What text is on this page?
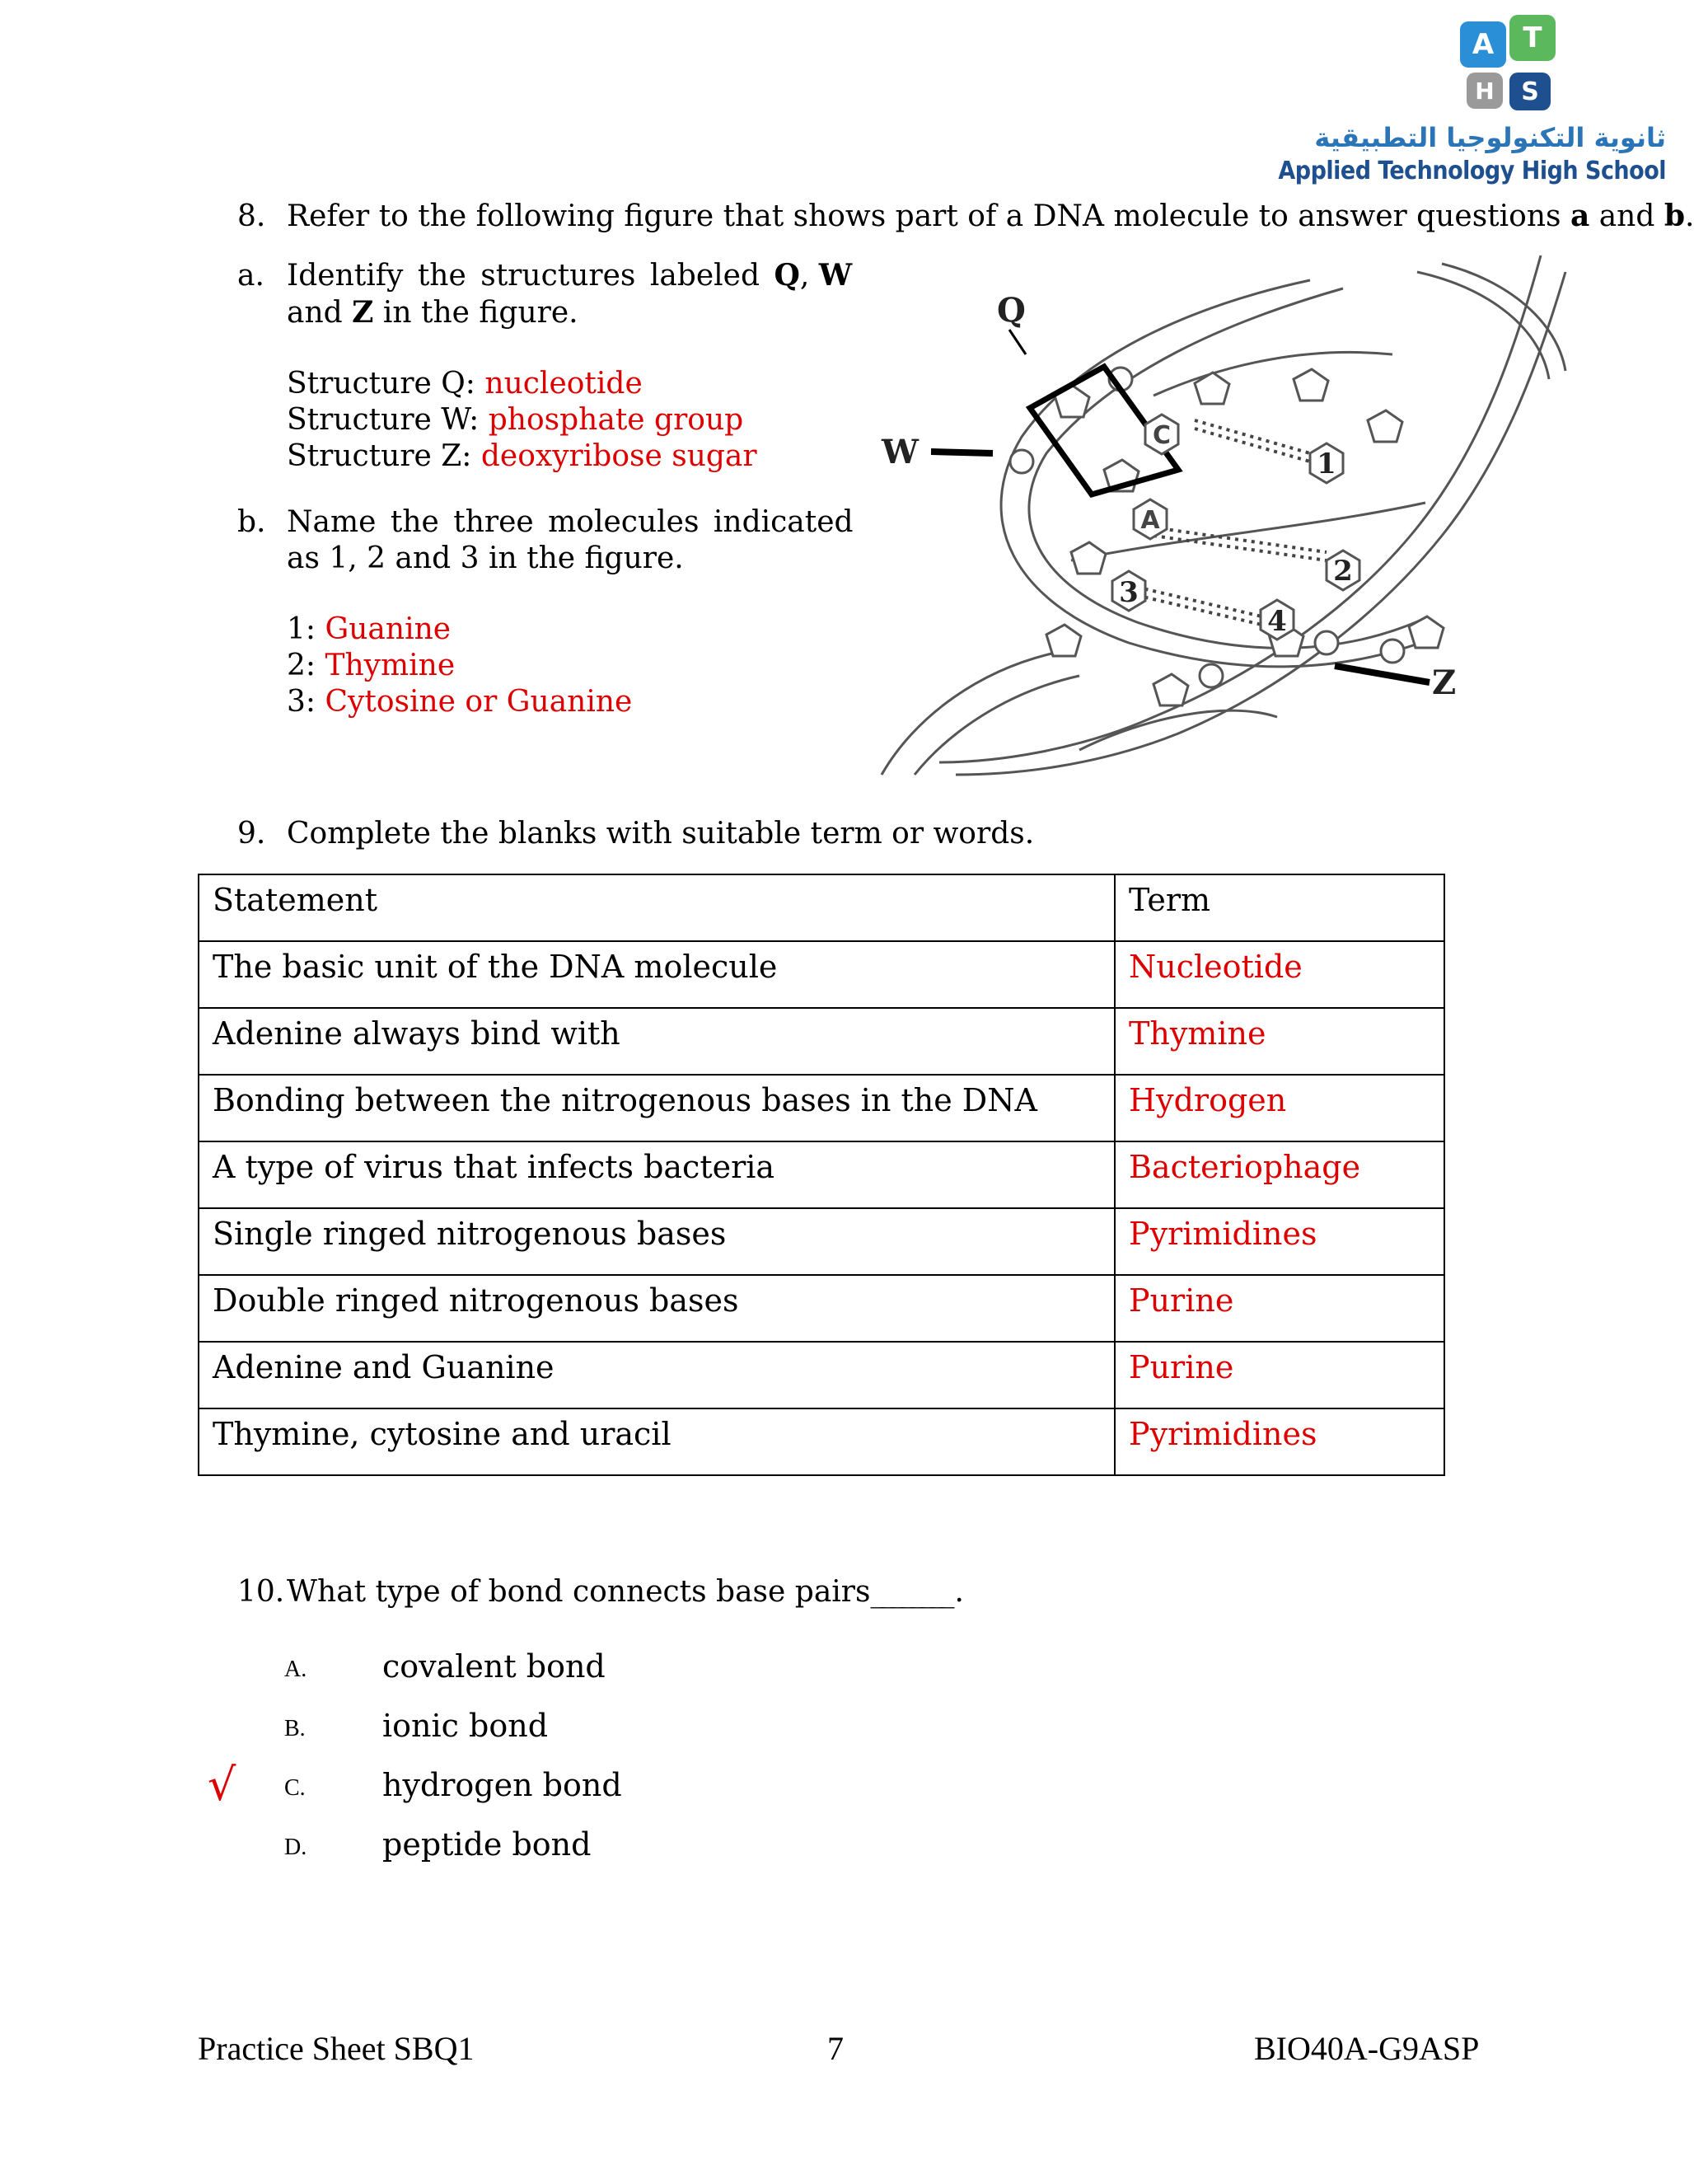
A	T
H	S
ثانوية التكنولوجيا التطبيقية
Applied Technology High School
8. Refer to the following figure that shows part of a DNA molecule to answer questions a and b.
a. Identify the structures labeled Q, W
and Z in the figure.
Structure Q: nucleotide
Structure W: phosphate group
Structure Z: deoxyribose sugar
b. Name the three molecules indicated
as 1, 2 and 3 in the figure.
1: Guanine
2: Thymine
3: Cytosine or Guanine
C
A
1
2
3
4
Q
W
Z
9. Complete the blanks with suitable term or words.
Statement	Term
The basic unit of the DNA molecule	Nucleotide
Adenine always bind with	Thymine
Bonding between the nitrogenous bases in the DNA	Hydrogen
A type of virus that infects bacteria	Bacteriophage
Single ringed nitrogenous bases	Pyrimidines
Double ringed nitrogenous bases	Purine
Adenine and Guanine	Purine
Thymine, cytosine and uracil	Pyrimidines
10.What type of bond connects base pairs________ .
A. covalent bond
B. ionic bond
√ C. hydrogen bond
D. peptide bond
Practice Sheet SBQ1	7	BIO40A-G9ASP
